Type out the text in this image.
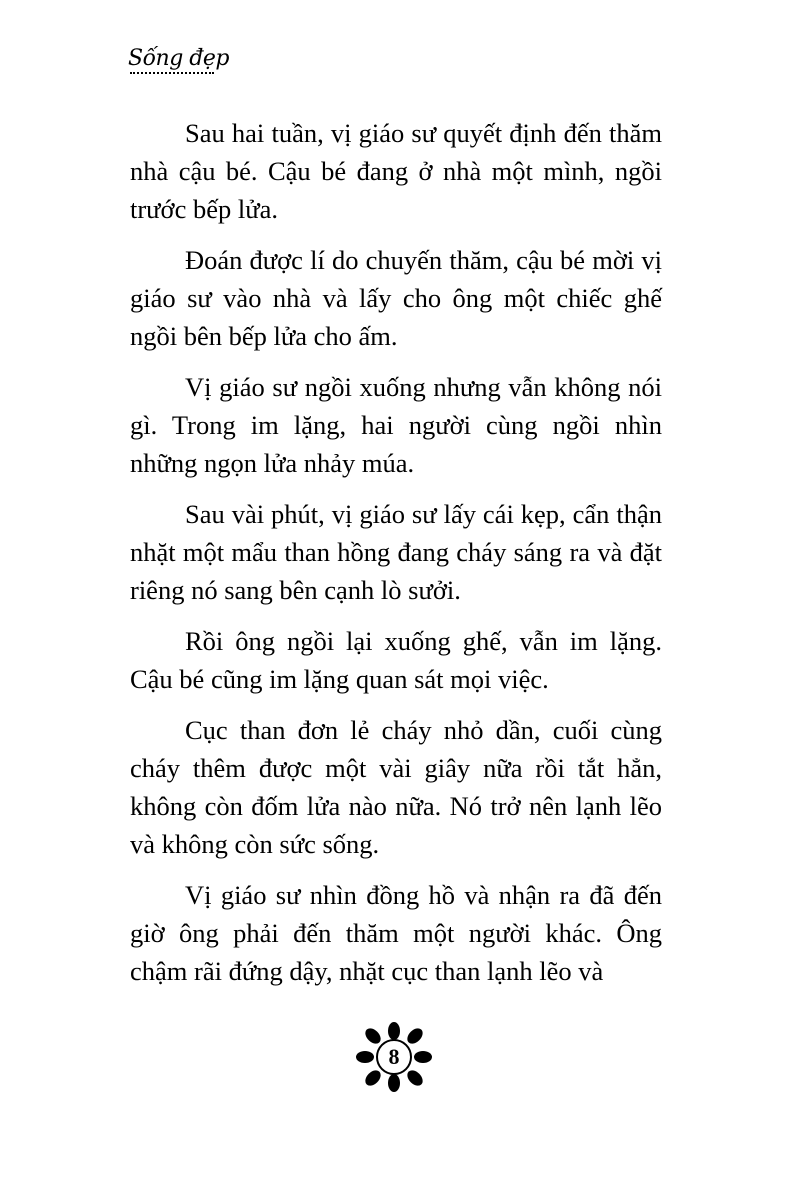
Sống đẹp

Sau hai tuần, vị giáo sư quyết định đến thăm nhà cậu bé. Cậu bé đang ở nhà một mình, ngồi trước bếp lửa.

Đoán được lí do chuyến thăm, cậu bé mời vị giáo sư vào nhà và lấy cho ông một chiếc ghế ngồi bên bếp lửa cho ấm.

Vị giáo sư ngồi xuống nhưng vẫn không nói gì. Trong im lặng, hai người cùng ngồi nhìn những ngọn lửa nhảy múa.

Sau vài phút, vị giáo sư lấy cái kẹp, cẩn thận nhặt một mẩu than hồng đang cháy sáng ra và đặt riêng nó sang bên cạnh lò sưởi.

Rồi ông ngồi lại xuống ghế, vẫn im lặng. Cậu bé cũng im lặng quan sát mọi việc.

Cục than đơn lẻ cháy nhỏ dần, cuối cùng cháy thêm được một vài giây nữa rồi tắt hẳn, không còn đốm lửa nào nữa. Nó trở nên lạnh lẽo và không còn sức sống.

Vị giáo sư nhìn đồng hồ và nhận ra đã đến giờ ông phải đến thăm một người khác. Ông chậm rãi đứng dậy, nhặt cục than lạnh lẽo và

8
